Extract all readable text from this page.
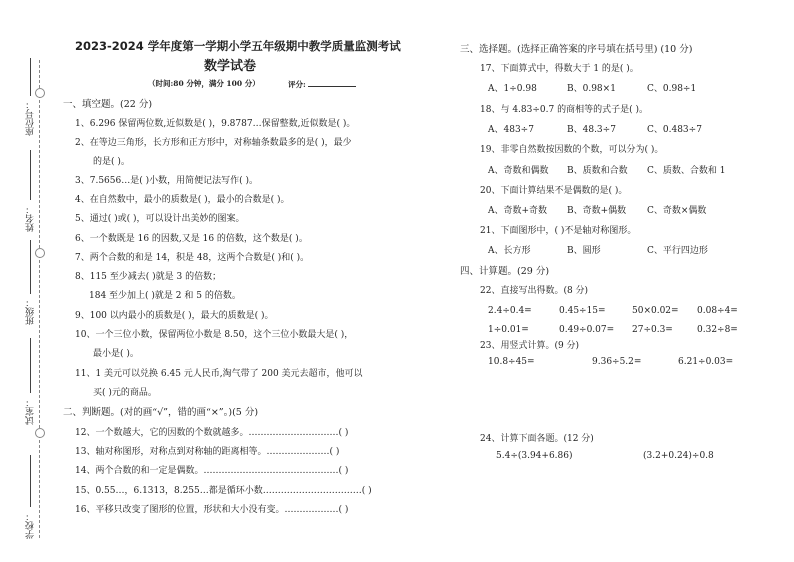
座位号：
姓名：
班级：
试室：
学校：
2023-2024 学年度第一学期小学五年级期中教学质量监测考试
数学试卷
（时间:80 分钟，满分 100 分）	评分:
一、填空题。(22 分)
1、6.296 保留两位数,近似数是( )，9.8787…保留整数,近似数是( )。
2、在等边三角形，长方形和正方形中，对称轴条数最多的是( )，最少
的是( )。
3、7.5656…是( )小数，用简便记法写作( )。
4、在自然数中，最小的质数是( )，最小的合数是( )。
5、通过( )或( )，可以设计出美妙的图案。
6、一个数既是 16 的因数,又是 16 的倍数，这个数是( )。
7、两个合数的和是 14，积是 48，这两个合数是( )和( )。
8、115 至少减去( )就是 3 的倍数；
184 至少加上( )就是 2 和 5 的倍数。
9、100 以内最小的质数是( )，最大的质数是( )。
10、一个三位小数，保留两位小数是 8.50，这个三位小数最大是( )，
最小是( )。
11、1 美元可以兑换 6.45 元人民币,淘气带了 200 美元去超市，他可以
买( )元的商品。
二、判断题。(对的画“√”，错的画“×”。)(5 分)
12、一个数越大，它的因数的个数就越多。…………………………( )
13、轴对称图形，对称点到对称轴的距离相等。…………………( )
14、两个合数的和一定是偶数。………………………………………( )
15、0.55…，6.1313，8.255…都是循环小数……………………………( )
16、平移只改变了图形的位置，形状和大小没有变。………………( )
三、选择题。(选择正确答案的序号填在括号里) (10 分)
17、下面算式中，得数大于 1 的是( )。
A、1÷0.98	B、0.98×1	C、0.98÷1
18、与 4.83÷0.7 的商相等的式子是( )。
A、483÷7	B、48.3÷7	C、0.483÷7
19、非零自然数按因数的个数，可以分为( )。
A、奇数和偶数 B、质数和合数 C、质数、合数和 1
20、下面计算结果不是偶数的是( )。
A、奇数+奇数 B、奇数+偶数 C、奇数×偶数
21、下面图形中，( )不是轴对称图形。
A、长方形	B、圆形	C、平行四边形
四、计算题。(29 分)
22、直接写出得数。(8 分)
2.4÷0.4=	0.45÷15=	50×0.02= 0.08÷4=
1÷0.01=	0.49÷0.07= 27÷0.3=	0.32÷8=
23、用竖式计算。(9 分)
10.8÷45=	9.36÷5.2=	6.21÷0.03=
24、计算下面各题。(12 分)
5.4÷(3.94+6.86)	(3.2+0.24)÷0.8
